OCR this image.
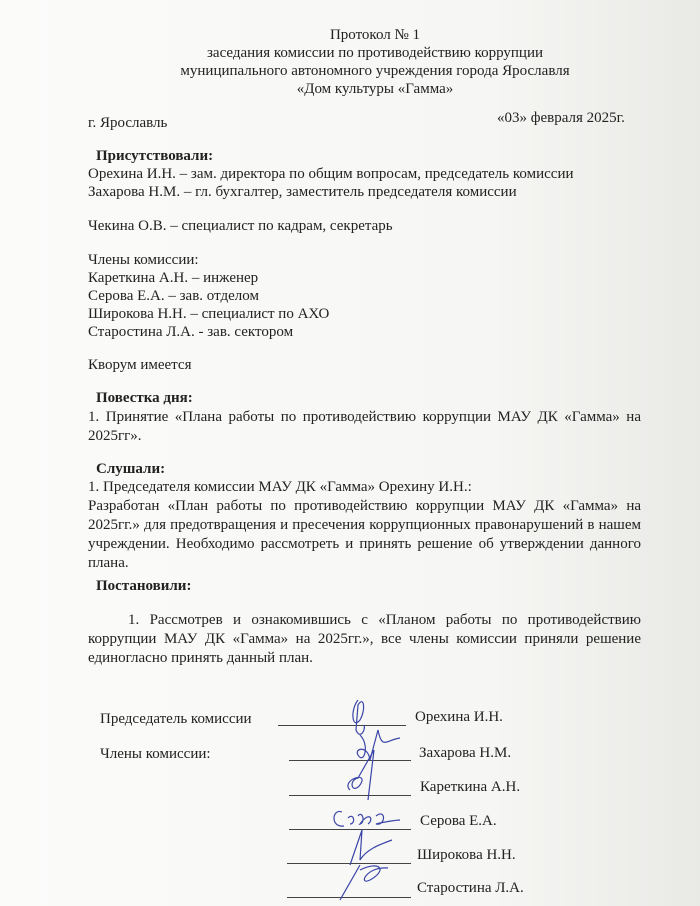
Протокол № 1
заседания комиссии по противодействию коррупции
муниципального автономного учреждения города Ярославля
«Дом культуры «Гамма»
г. Ярославль	«03» февраля 2025г.
Присутствовали:
Орехина И.Н. – зам. директора по общим вопросам, председатель комиссии
Захарова Н.М. – гл. бухгалтер, заместитель председателя комиссии
Чекина О.В. – специалист по кадрам, секретарь
Члены комиссии:
Кареткина А.Н. – инженер
Серова Е.А. – зав. отделом
Широкова Н.Н. – специалист по АХО
Старостина Л.А. - зав. сектором
Кворум имеется
Повестка дня:
1. Принятие «Плана работы по противодействию коррупции МАУ ДК «Гамма» на 2025гг».
Слушали:
1. Председателя комиссии МАУ ДК «Гамма» Орехину И.Н.:
Разработан «План работы по противодействию коррупции МАУ ДК «Гамма» на 2025гг.» для предотвращения и пресечения коррупционных правонарушений в нашем учреждении. Необходимо рассмотреть и принять решение об утверждении данного плана.
Постановили:
1. Рассмотрев и ознакомившись с «Планом работы по противодействию коррупции МАУ ДК «Гамма» на 2025гг.», все члены комиссии приняли решение единогласно принять данный план.
Председатель комиссии
Члены комиссии:
Орехина И.Н.
Захарова Н.М.
Кареткина А.Н.
Серова Е.А.
Широкова Н.Н.
Старостина Л.А.
